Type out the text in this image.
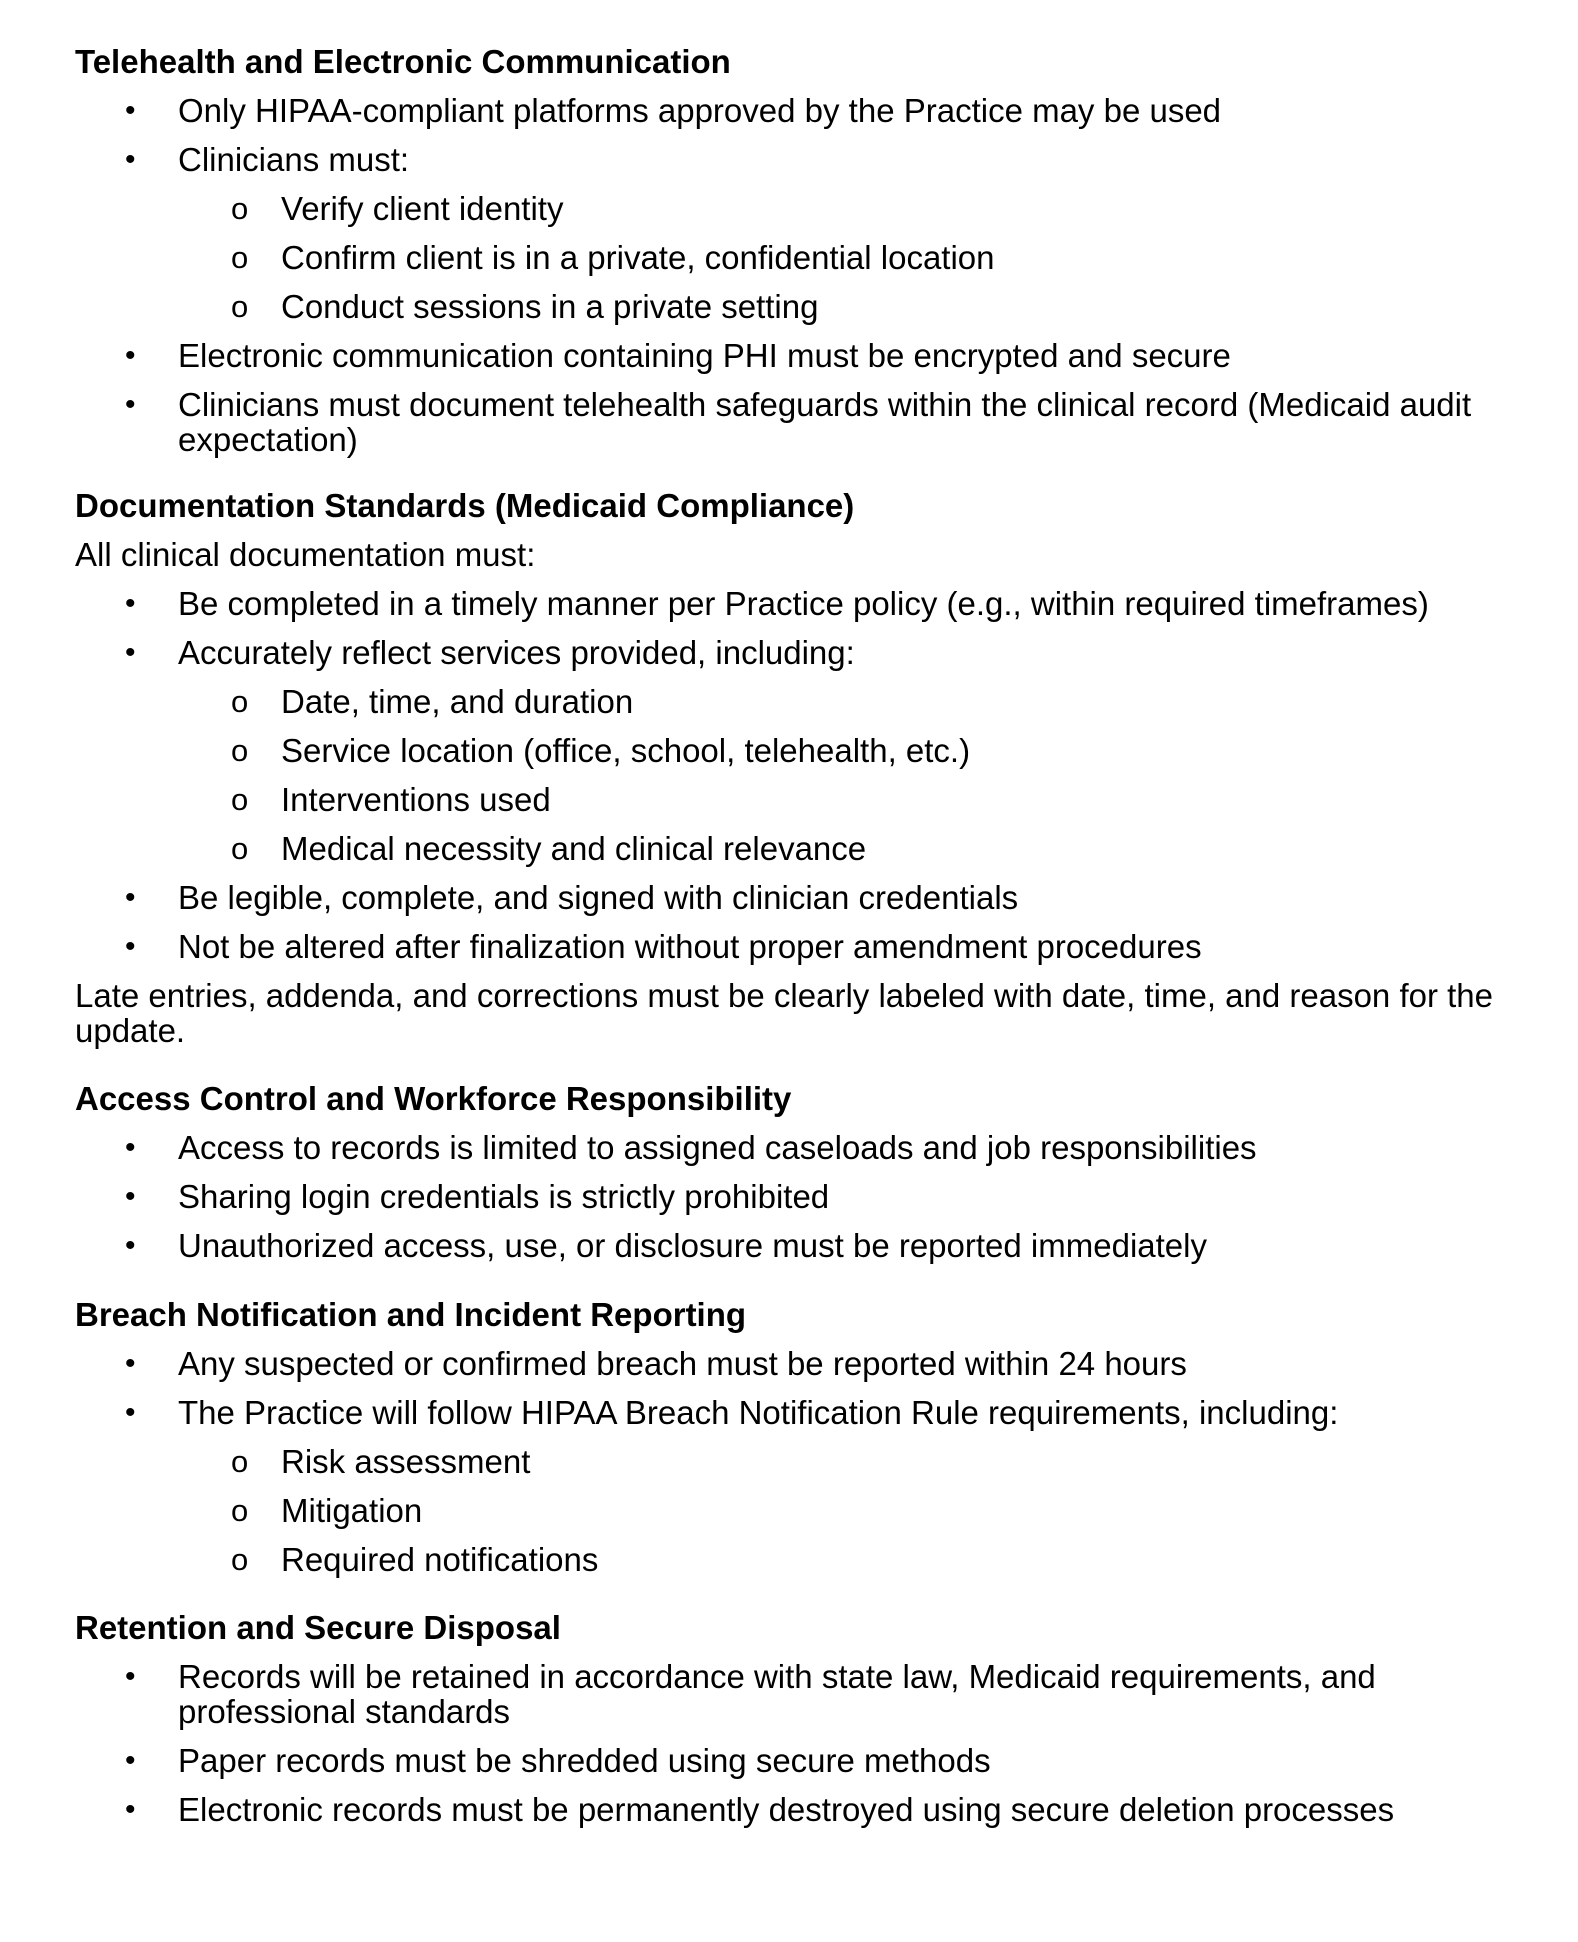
Telehealth and Electronic Communication

• Only HIPAA-compliant platforms approved by the Practice may be used
• Clinicians must:
o Verify client identity
o Confirm client is in a private, confidential location
o Conduct sessions in a private setting
• Electronic communication containing PHI must be encrypted and secure
• Clinicians must document telehealth safeguards within the clinical record (Medicaid audit expectation)

Documentation Standards (Medicaid Compliance)

All clinical documentation must:

• Be completed in a timely manner per Practice policy (e.g., within required timeframes)
• Accurately reflect services provided, including:
o Date, time, and duration
o Service location (office, school, telehealth, etc.)
o Interventions used
o Medical necessity and clinical relevance
• Be legible, complete, and signed with clinician credentials
• Not be altered after finalization without proper amendment procedures

Late entries, addenda, and corrections must be clearly labeled with date, time, and reason for the update.

Access Control and Workforce Responsibility

• Access to records is limited to assigned caseloads and job responsibilities
• Sharing login credentials is strictly prohibited
• Unauthorized access, use, or disclosure must be reported immediately

Breach Notification and Incident Reporting

• Any suspected or confirmed breach must be reported within 24 hours
• The Practice will follow HIPAA Breach Notification Rule requirements, including:
o Risk assessment
o Mitigation
o Required notifications

Retention and Secure Disposal

• Records will be retained in accordance with state law, Medicaid requirements, and professional standards
• Paper records must be shredded using secure methods
• Electronic records must be permanently destroyed using secure deletion processes
